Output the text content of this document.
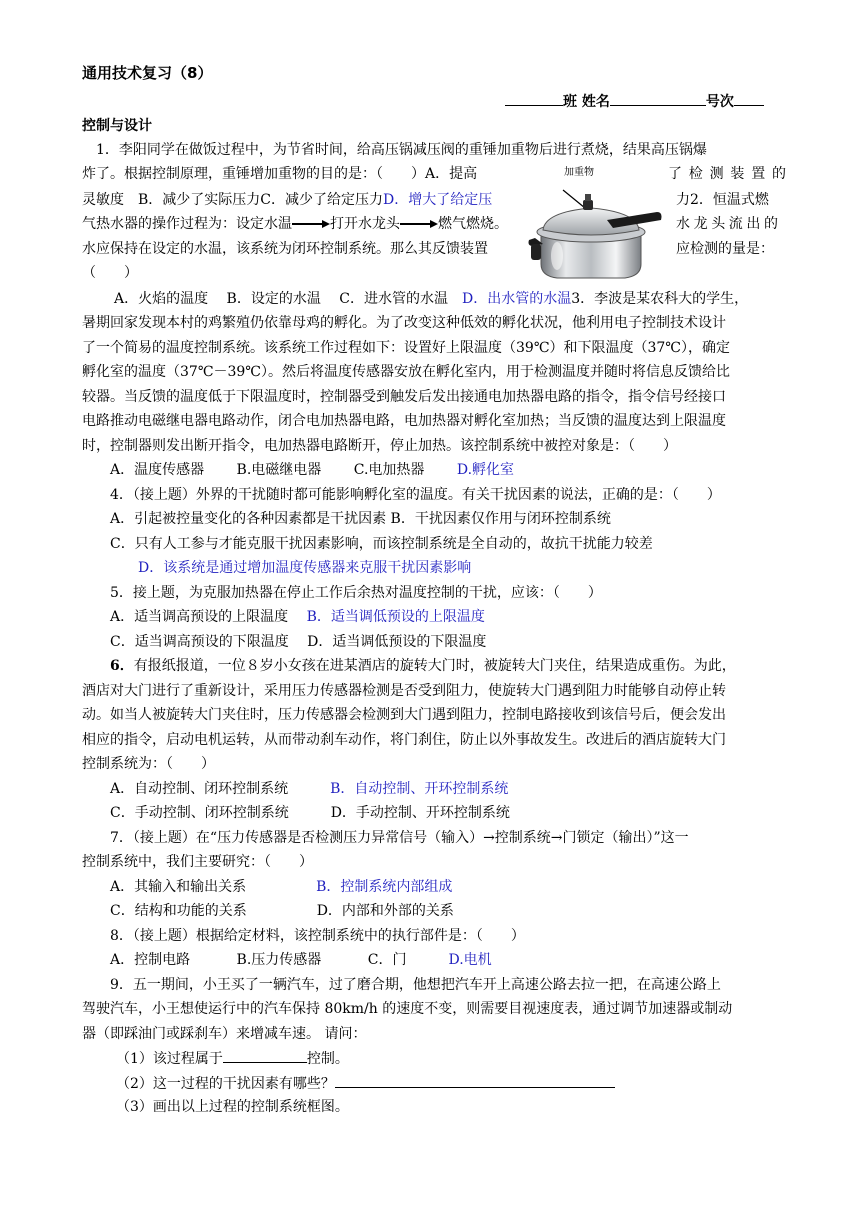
通用技术复习（8）
班 姓名	号次
控制与设计
1．李阳同学在做饭过程中，为节省时间，给高压锅减压阀的重锤加重物后进行煮烧，结果高压锅爆
炸了。根据控制原理，重锤增加重物的目的是：（　　）A．提高	了 检 测 装 置 的
灵敏度　B．减少了实际压力C．减少了给定压力D．增大了给定压	力2．恒温式燃
气热水器的操作过程为：设定水温	打开水龙头	燃气燃烧。	水 龙 头 流 出 的
水应保持在设定的水温，该系统为闭环控制系统。那么其反馈装置	应检测的量是：
（　　）
A．火焰的温度　 B．设定的水温　 C．进水管的水温　D．出水管的水温3．李波是某农科大的学生，
暑期回家发现本村的鸡繁殖仍依靠母鸡的孵化。为了改变这种低效的孵化状况，他利用电子控制技术设计
了一个简易的温度控制系统。该系统工作过程如下：设置好上限温度（39℃）和下限温度（37℃），确定
孵化室的温度（37℃－39℃）。然后将温度传感器安放在孵化室内，用于检测温度并随时将信息反馈给比
较器。当反馈的温度低于下限温度时，控制器受到触发后发出接通电加热器电路的指令，指令信号经接口
电路推动电磁继电器电路动作，闭合电加热器电路，电加热器对孵化室加热；当反馈的温度达到上限温度
时，控制器则发出断开指令，电加热器电路断开，停止加热。该控制系统中被控对象是：（　　）
A．温度传感器　　 B.电磁继电器　　 C.电加热器　　 D.孵化室
4．（接上题）外界的干扰随时都可能影响孵化室的温度。有关干扰因素的说法，正确的是：（　　）
A．引起被控量变化的各种因素都是干扰因素 B．干扰因素仅作用与闭环控制系统
C．只有人工参与才能克服干扰因素影响，而该控制系统是全自动的，故抗干扰能力较差
D．该系统是通过增加温度传感器来克服干扰因素影响
5．接上题，为克服加热器在停止工作后余热对温度控制的干扰，应该：（　　）
A．适当调高预设的上限温度　 B．适当调低预设的上限温度
C．适当调高预设的下限温度　 D．适当调低预设的下限温度
6．有报纸报道，一位８岁小女孩在进某酒店的旋转大门时，被旋转大门夹住，结果造成重伤。为此，
酒店对大门进行了重新设计，采用压力传感器检测是否受到阻力，使旋转大门遇到阻力时能够自动停止转
动。如当人被旋转大门夹住时，压力传感器会检测到大门遇到阻力，控制电路接收到该信号后，便会发出
相应的指令，启动电机运转，从而带动刹车动作，将门刹住，防止以外事故发生。改进后的酒店旋转大门
控制系统为：（　　）
A．自动控制、闭环控制系统　　　B．自动控制、开环控制系统
C．手动控制、闭环控制系统　　　D．手动控制、开环控制系统
7．（接上题）在“压力传感器是否检测压力异常信号（输入）→控制系统→门锁定（输出）”这一
控制系统中，我们主要研究：（　　）
A．其输入和输出关系　　　　　B．控制系统内部组成
C．结构和功能的关系　　　　　D．内部和外部的关系
8．（接上题）根据给定材料，该控制系统中的执行部件是：（　　）
A．控制电路　　　 B.压力传感器　　　 C．门　　　D.电机
9．五一期间，小王买了一辆汽车，过了磨合期，他想把汽车开上高速公路去拉一把，在高速公路上
驾驶汽车，小王想使运行中的汽车保持 80km/h 的速度不变，则需要目视速度表，通过调节加速器或制动
器（即踩油门或踩刹车）来增减车速。 请问：
（1）该过程属于	控制。
（2）这一过程的干扰因素有哪些？
（3）画出以上过程的控制系统框图。
加重物
